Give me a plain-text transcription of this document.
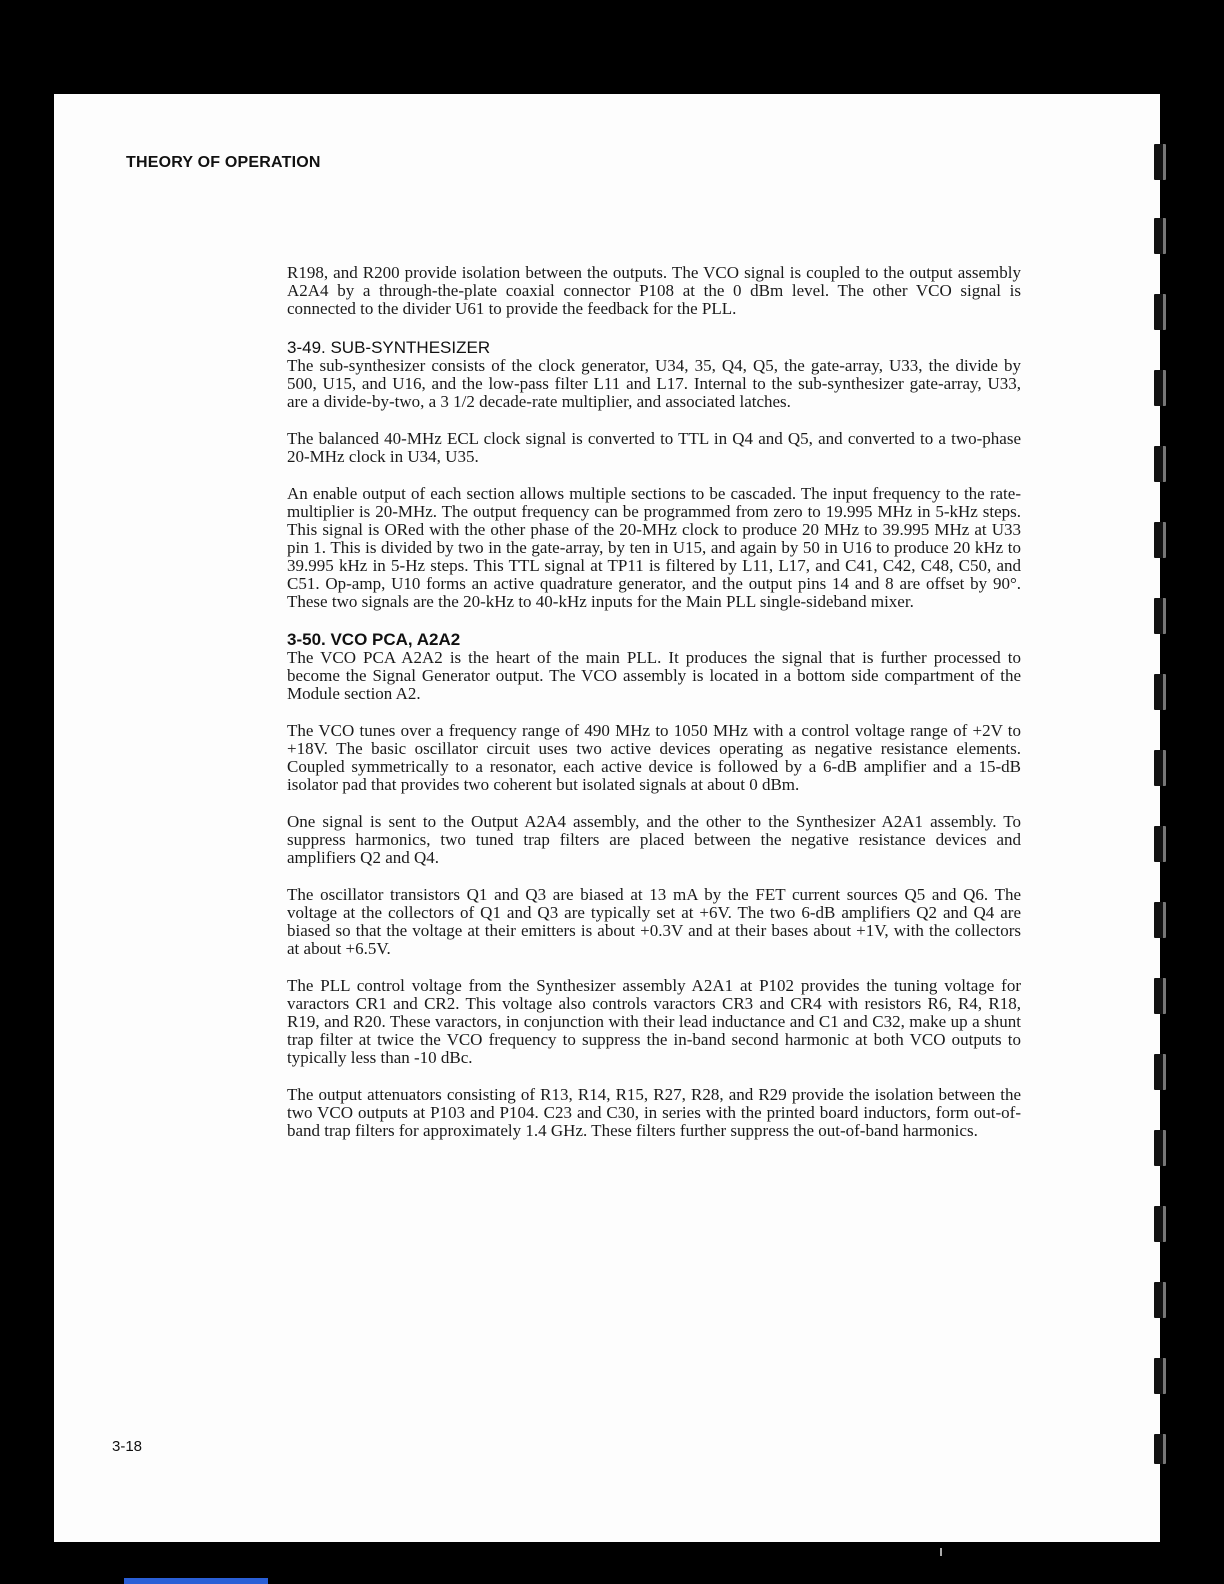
THEORY OF OPERATION

R198, and R200 provide isolation between the outputs. The VCO signal is coupled to the output assembly A2A4 by a through-the-plate coaxial connector P108 at the 0 dBm level. The other VCO signal is connected to the divider U61 to provide the feedback for the PLL.

3-49. SUB-SYNTHESIZER

The sub-synthesizer consists of the clock generator, U34, 35, Q4, Q5, the gate-array, U33, the divide by 500, U15, and U16, and the low-pass filter L11 and L17. Internal to the sub-synthesizer gate-array, U33, are a divide-by-two, a 3 1/2 decade-rate multiplier, and associated latches.

The balanced 40-MHz ECL clock signal is converted to TTL in Q4 and Q5, and converted to a two-phase 20-MHz clock in U34, U35.

An enable output of each section allows multiple sections to be cascaded. The input frequency to the rate-multiplier is 20-MHz. The output frequency can be programmed from zero to 19.995 MHz in 5-kHz steps. This signal is ORed with the other phase of the 20-MHz clock to produce 20 MHz to 39.995 MHz at U33 pin 1. This is divided by two in the gate-array, by ten in U15, and again by 50 in U16 to produce 20 kHz to 39.995 kHz in 5-Hz steps. This TTL signal at TP11 is filtered by L11, L17, and C41, C42, C48, C50, and C51. Op-amp, U10 forms an active quadrature generator, and the output pins 14 and 8 are offset by 90°. These two signals are the 20-kHz to 40-kHz inputs for the Main PLL single-sideband mixer.

3-50. VCO PCA, A2A2

The VCO PCA A2A2 is the heart of the main PLL. It produces the signal that is further processed to become the Signal Generator output. The VCO assembly is located in a bottom side compartment of the Module section A2.

The VCO tunes over a frequency range of 490 MHz to 1050 MHz with a control voltage range of +2V to +18V. The basic oscillator circuit uses two active devices operating as negative resistance elements. Coupled symmetrically to a resonator, each active device is followed by a 6-dB amplifier and a 15-dB isolator pad that provides two coherent but isolated signals at about 0 dBm.

One signal is sent to the Output A2A4 assembly, and the other to the Synthesizer A2A1 assembly. To suppress harmonics, two tuned trap filters are placed between the negative resistance devices and amplifiers Q2 and Q4.

The oscillator transistors Q1 and Q3 are biased at 13 mA by the FET current sources Q5 and Q6. The voltage at the collectors of Q1 and Q3 are typically set at +6V. The two 6-dB amplifiers Q2 and Q4 are biased so that the voltage at their emitters is about +0.3V and at their bases about +1V, with the collectors at about +6.5V.

The PLL control voltage from the Synthesizer assembly A2A1 at P102 provides the tuning voltage for varactors CR1 and CR2. This voltage also controls varactors CR3 and CR4 with resistors R6, R4, R18, R19, and R20. These varactors, in conjunction with their lead inductance and C1 and C32, make up a shunt trap filter at twice the VCO frequency to suppress the in-band second harmonic at both VCO outputs to typically less than -10 dBc.

The output attenuators consisting of R13, R14, R15, R27, R28, and R29 provide the isolation between the two VCO outputs at P103 and P104. C23 and C30, in series with the printed board inductors, form out-of-band trap filters for approximately 1.4 GHz. These filters further suppress the out-of-band harmonics.

3-18
